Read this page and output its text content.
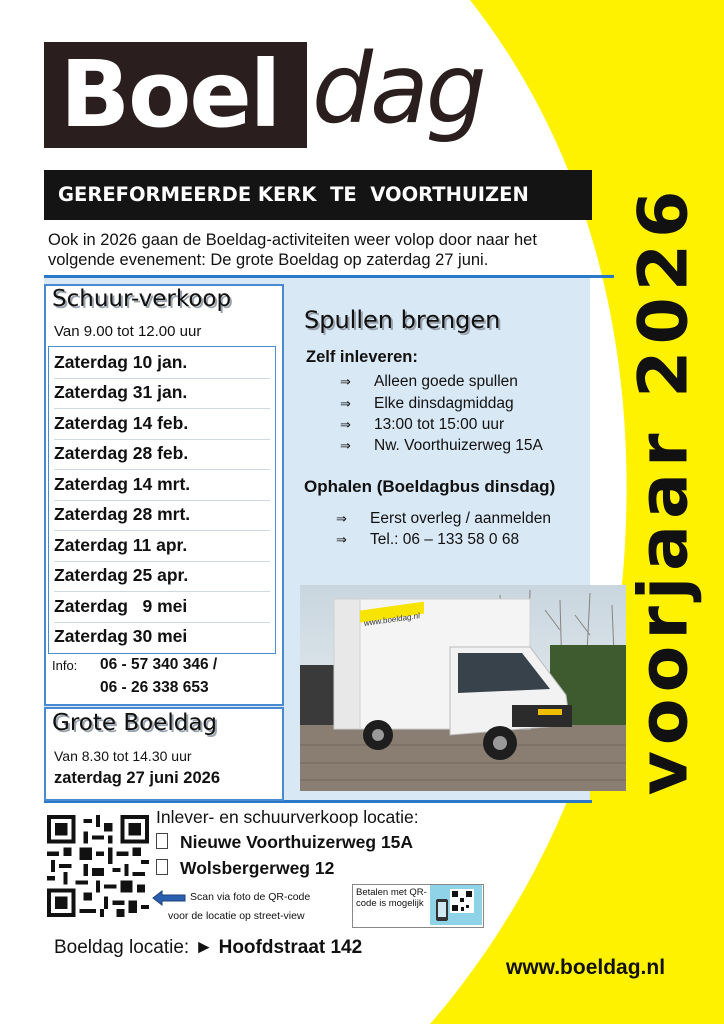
Boel dag
GEREFORMEERDE KERK  TE  VOORTHUIZEN
Ook in 2026 gaan de Boeldag-activiteiten weer volop door naar het volgende evenement: De grote Boeldag op zaterdag 27 juni.
Schuur-verkoop
Van 9.00 tot 12.00 uur
Zaterdag 10 jan.
Zaterdag 31 jan.
Zaterdag 14 feb.
Zaterdag 28 feb.
Zaterdag 14 mrt.
Zaterdag 28 mrt.
Zaterdag 11 apr.
Zaterdag 25 apr.
Zaterdag   9 mei
Zaterdag 30 mei
Info: 06 - 57 340 346 /
06 - 26 338 653
Grote Boeldag
Van 8.30 tot 14.30 uur
zaterdag 27 juni 2026
Spullen brengen
Zelf inleveren:
⇒ Alleen goede spullen
⇒ Elke dinsdagmiddag
⇒ 13:00 tot 15:00 uur
⇒ Nw. Voorthuizerweg 15A
Ophalen (Boeldagbus dinsdag)
⇒ Eerst overleg / aanmelden
⇒ Tel.: 06 – 133 58 0 68
www.boeldag.nl
Inlever- en schuurverkoop locatie:
Nieuwe Voorthuizerweg 15A
Wolsbergerweg 12
Scan via foto de QR-code
voor de locatie op street-view
Betalen met QR-code is mogelijk
Boeldag locatie: ► Hoofdstraat 142
www.boeldag.nl
voorjaar 2026
